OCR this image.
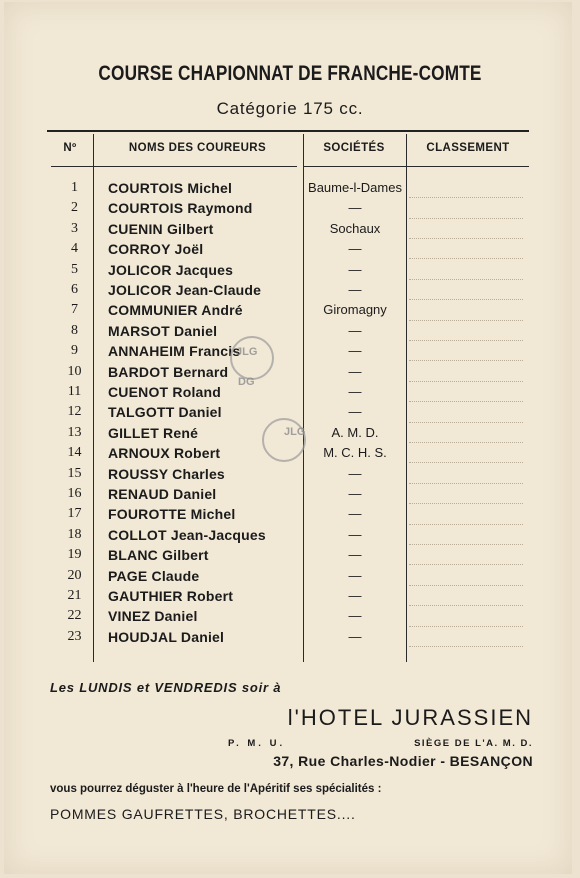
COURSE CHAPIONNAT DE FRANCHE-COMTE
Catégorie 175 cc.
Nº	NOMS DES COUREURS	SOCIÉTÉS	CLASSEMENT
1	COURTOIS Michel	Baume-l-Dames
2	COURTOIS Raymond	—
3	CUENIN Gilbert	Sochaux
4	CORROY Joël	—
5	JOLICOR Jacques	—
6	JOLICOR Jean-Claude	—
7	COMMUNIER André	Giromagny
8	MARSOT Daniel	—
9	ANNAHEIM Francis	—
10	BARDOT Bernard	—
11	CUENOT Roland	—
12	TALGOTT Daniel	—
13	GILLET René	A. M. D.
14	ARNOUX Robert	M. C. H. S.
15	ROUSSY Charles	—
16	RENAUD Daniel	—
17	FOUROTTE Michel	—
18	COLLOT Jean-Jacques	—
19	BLANC Gilbert	—
20	PAGE Claude	—
21	GAUTHIER Robert	—
22	VINEZ Daniel	—
23	HOUDJAL Daniel	—
JLG
DG
JLG
Les LUNDIS et VENDREDIS soir à
l'HOTEL JURASSIEN
P. M. U.	SIÈGE DE L'A. M. D.
37, Rue Charles-Nodier - BESANÇON
vous pourrez déguster à l'heure de l'Apéritif ses spécialités :
POMMES GAUFRETTES, BROCHETTES....
